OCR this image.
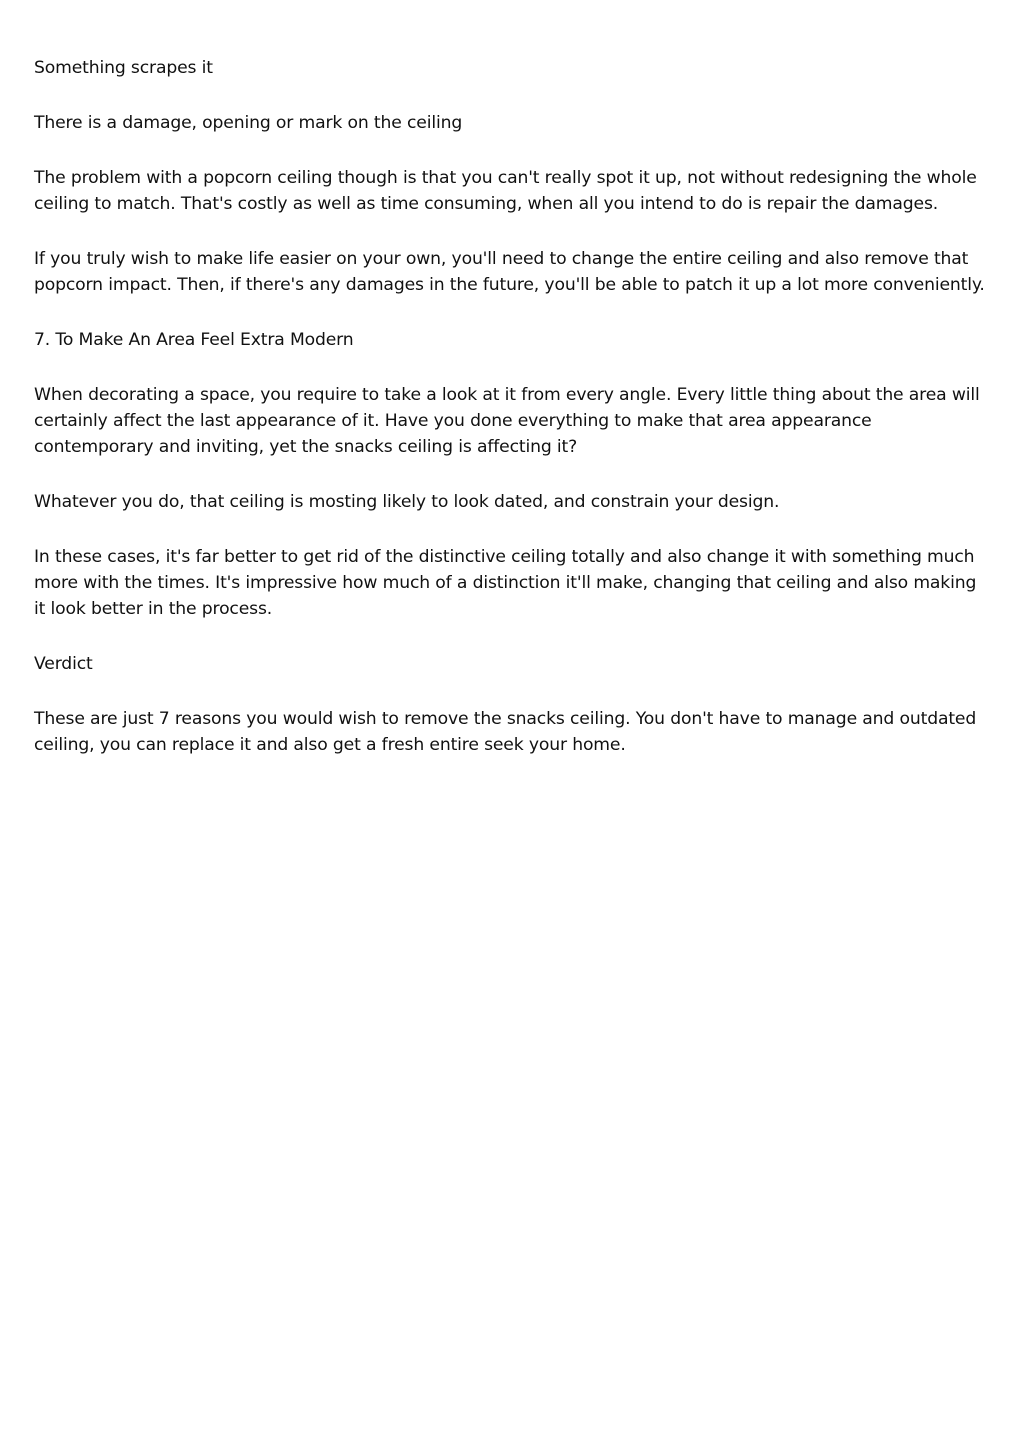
Something scrapes it

There is a damage, opening or mark on the ceiling

The problem with a popcorn ceiling though is that you can't really spot it up, not without redesigning the whole ceiling to match. That's costly as well as time consuming, when all you intend to do is repair the damages.

If you truly wish to make life easier on your own, you'll need to change the entire ceiling and also remove that popcorn impact. Then, if there's any damages in the future, you'll be able to patch it up a lot more conveniently.

7. To Make An Area Feel Extra Modern

When decorating a space, you require to take a look at it from every angle. Every little thing about the area will certainly affect the last appearance of it. Have you done everything to make that area appearance contemporary and inviting, yet the snacks ceiling is affecting it?

Whatever you do, that ceiling is mosting likely to look dated, and constrain your design.

In these cases, it's far better to get rid of the distinctive ceiling totally and also change it with something much more with the times. It's impressive how much of a distinction it'll make, changing that ceiling and also making it look better in the process.

Verdict

These are just 7 reasons you would wish to remove the snacks ceiling. You don't have to manage and outdated ceiling, you can replace it and also get a fresh entire seek your home.
